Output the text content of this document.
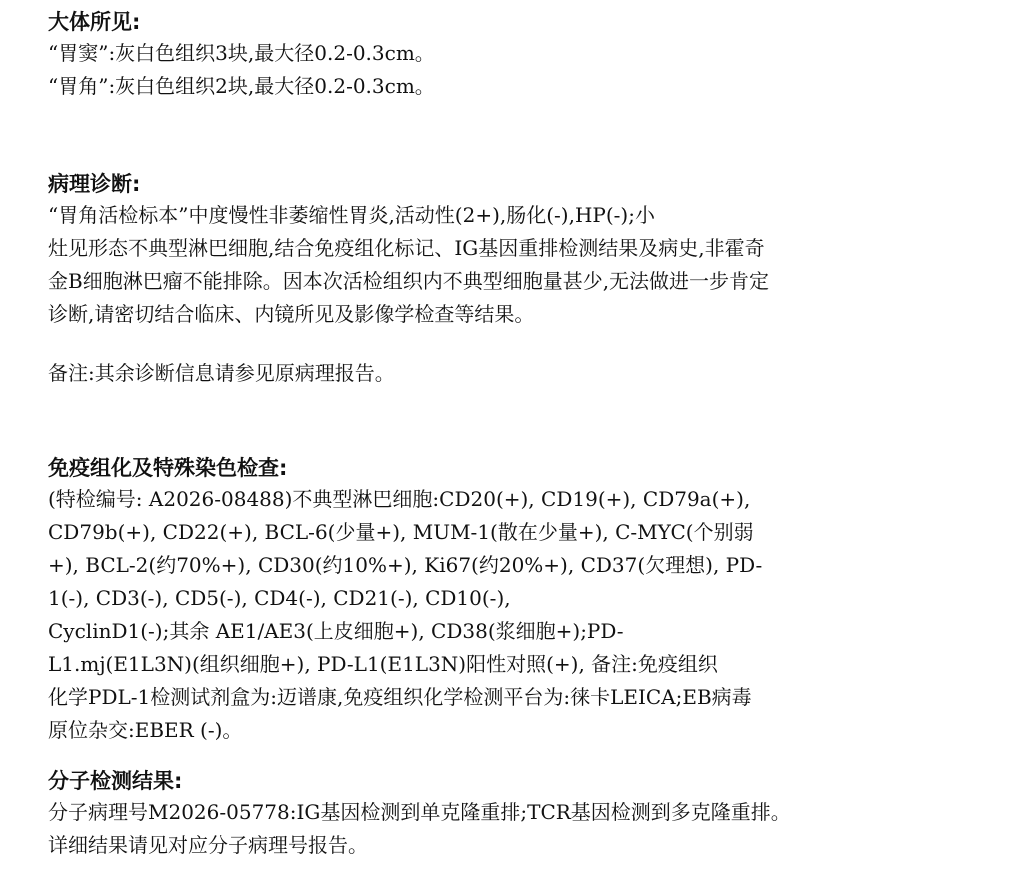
大体所见:
“胃窦”:灰白色组织3块,最大径0.2-0.3cm。
“胃角”:灰白色组织2块,最大径0.2-0.3cm。
病理诊断:
“胃角活检标本”中度慢性非萎缩性胃炎,活动性(2+),肠化(-),HP(-);小
灶见形态不典型淋巴细胞,结合免疫组化标记、IG基因重排检测结果及病史,非霍奇
金B细胞淋巴瘤不能排除。因本次活检组织内不典型细胞量甚少,无法做进一步肯定
诊断,请密切结合临床、内镜所见及影像学检查等结果。
备注:其余诊断信息请参见原病理报告。
免疫组化及特殊染色检查:
(特检编号: A2026-08488)不典型淋巴细胞:CD20(+), CD19(+), CD79a(+),
CD79b(+), CD22(+), BCL-6(少量+), MUM-1(散在少量+), C-MYC(个别弱
+), BCL-2(约70%+), CD30(约10%+), Ki67(约20%+), CD37(欠理想), PD-
1(-), CD3(-), CD5(-), CD4(-), CD21(-), CD10(-),
CyclinD1(-);其余 AE1/AE3(上皮细胞+), CD38(浆细胞+);PD-
L1.mj(E1L3N)(组织细胞+), PD-L1(E1L3N)阳性对照(+), 备注:免疫组织
化学PDL-1检测试剂盒为:迈谱康,免疫组织化学检测平台为:徕卡LEICA;EB病毒
原位杂交:EBER (-)。
分子检测结果:
分子病理号M2026-05778:IG基因检测到单克隆重排;TCR基因检测到多克隆重排。
详细结果请见对应分子病理号报告。
